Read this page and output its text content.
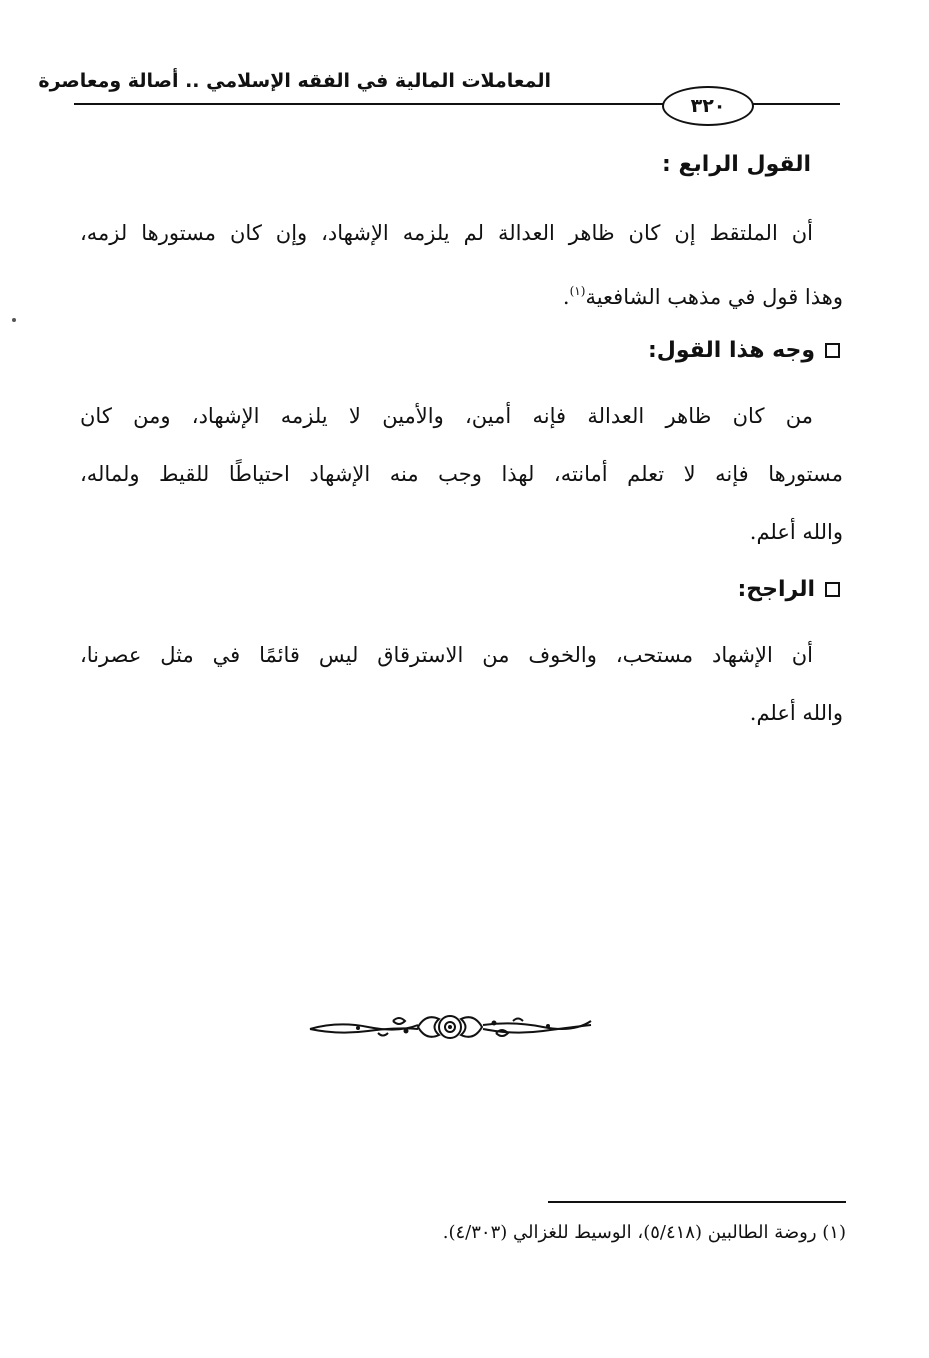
المعاملات المالية في الفقه الإسلامي .. أصالة ومعاصرة
٣٢٠
القول الرابع :
أن الملتقط إن كان ظاهر العدالة لم يلزمه الإشهاد، وإن كان مستورها لزمه،
وهذا قول في مذهب الشافعية$^{(١)}$.
وجه هذا القول:
من كان ظاهر العدالة فإنه أمين، والأمين لا يلزمه الإشهاد، ومن كان
مستورها فإنه لا تعلم أمانته، لهذا وجب منه الإشهاد احتياطًا للقيط ولماله،
والله أعلم.
الراجح:
أن الإشهاد مستحب، والخوف من الاسترقاق ليس قائمًا في مثل عصرنا،
والله أعلم.
(١) روضة الطالبين (٥/٤١٨)، الوسيط للغزالي (٤/٣٠٣).
